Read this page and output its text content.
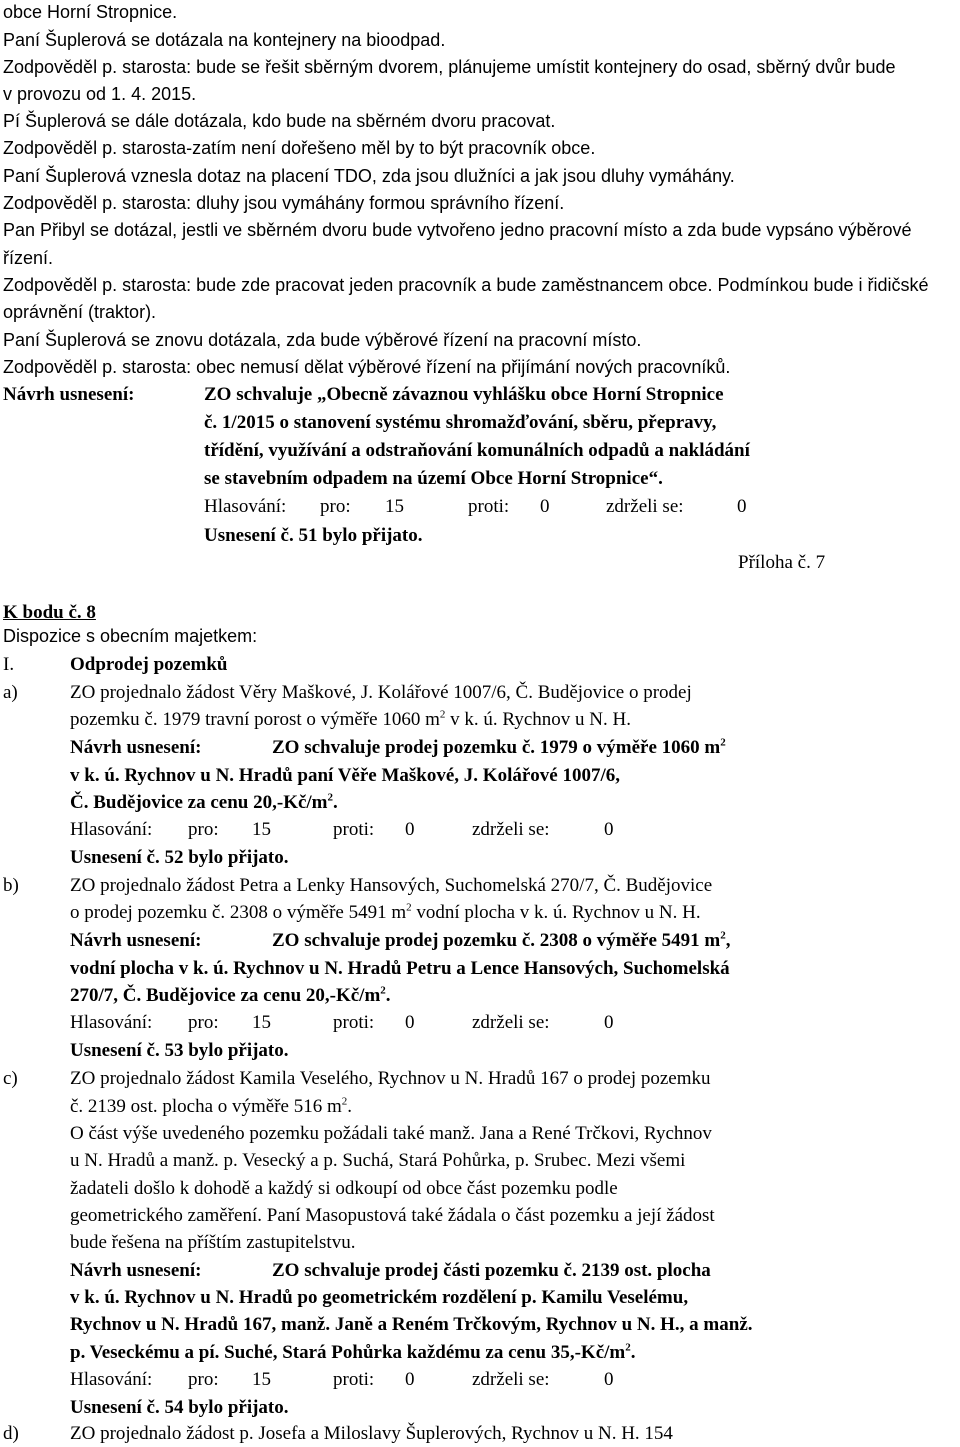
obce Horní Stropnice.
Paní Šuplerová se dotázala na kontejnery na bioodpad.
Zodpověděl p. starosta: bude se řešit sběrným dvorem, plánujeme umístit kontejnery do osad, sběrný dvůr bude
v provozu od 1. 4. 2015.
Pí Šuplerová se dále dotázala, kdo bude na sběrném dvoru pracovat.
Zodpověděl p. starosta-zatím není dořešeno měl by to být pracovník obce.
Paní Šuplerová vznesla dotaz na placení TDO, zda jsou dlužníci a jak jsou dluhy vymáhány.
Zodpověděl p. starosta: dluhy jsou vymáhány formou správního řízení.
Pan Přibyl se dotázal, jestli ve sběrném dvoru bude vytvořeno jedno pracovní místo a zda bude vypsáno výběrové
řízení.
Zodpověděl p. starosta: bude zde pracovat jeden pracovník a bude zaměstnancem obce. Podmínkou bude i řidičské
oprávnění (traktor).
Paní Šuplerová se znovu dotázala, zda bude výběrové řízení na pracovní místo.
Zodpověděl p. starosta: obec nemusí dělat výběrové řízení na přijímání nových pracovníků.
Návrh usnesení:	ZO schvaluje „Obecně závaznou vyhlášku obce Horní Stropnice
č. 1/2015 o stanovení systému shromažďování, sběru, přepravy,
třídění, využívání a odstraňování komunálních odpadů a nakládání
se stavebním odpadem na území Obce Horní Stropnice“.
Hlasování: pro: 15	proti: 0	zdrželi se:	0
Usnesení č. 51 bylo přijato.
Příloha č. 7
K bodu č. 8
Dispozice s obecním majetkem:
I.	Odprodej pozemků
a)	ZO projednalo žádost Věry Maškové, J. Kolářové 1007/6, Č. Budějovice o prodej
pozemku č. 1979 travní porost o výměře 1060 $m^2$ v k. ú. Rychnov u N. H.
Návrh usnesení:	ZO schvaluje prodej pozemku č. 1979 o výměře 1060 $m^2$
v k. ú. Rychnov u N. Hradů paní Věře Maškové, J. Kolářové 1007/6,
Č. Budějovice za cenu $20,-Kč/m^2$.
Hlasování: pro: 15	proti: 0	zdrželi se:	0
Usnesení č. 52 bylo přijato.
b)	ZO projednalo žádost Petra a Lenky Hansových, Suchomelská 270/7, Č. Budějovice
o prodej pozemku č. 2308 o výměře 5491 $m^2$ vodní plocha v k. ú. Rychnov u N. H.
Návrh usnesení:	ZO schvaluje prodej pozemku č. 2308 o výměře 5491 $m^2$,
vodní plocha v k. ú. Rychnov u N. Hradů Petru a Lence Hansových, Suchomelská
270/7, Č. Budějovice za cenu $20,-Kč/m^2$.
Hlasování: pro: 15	proti: 0	zdrželi se:	0
Usnesení č. 53 bylo přijato.
c)	ZO projednalo žádost Kamila Veselého, Rychnov u N. Hradů 167 o prodej pozemku
č. 2139 ost. plocha o výměře 516 $m^2$.
O část výše uvedeného pozemku požádali také manž. Jana a René Trčkovi, Rychnov
u N. Hradů a manž. p. Vesecký a p. Suchá, Stará Pohůrka, p. Srubec. Mezi všemi
žadateli došlo k dohodě a každý si odkoupí od obce část pozemku podle
geometrického zaměření. Paní Masopustová také žádala o část pozemku a její žádost
bude řešena na příštím zastupitelstvu.
Návrh usnesení:	ZO schvaluje prodej části pozemku č. 2139 ost. plocha
v k. ú. Rychnov u N. Hradů po geometrickém rozdělení p. Kamilu Veselému,
Rychnov u N. Hradů 167, manž. Janě a Reném Trčkovým, Rychnov u N. H., a manž.
p. Veseckému a pí. Suché, Stará Pohůrka každému za cenu $35,-Kč/m^2$.
Hlasování: pro: 15	proti: 0	zdrželi se:	0
Usnesení č. 54 bylo přijato.
d)	ZO projednalo žádost p. Josefa a Miloslavy Šuplerových, Rychnov u N. H. 154
